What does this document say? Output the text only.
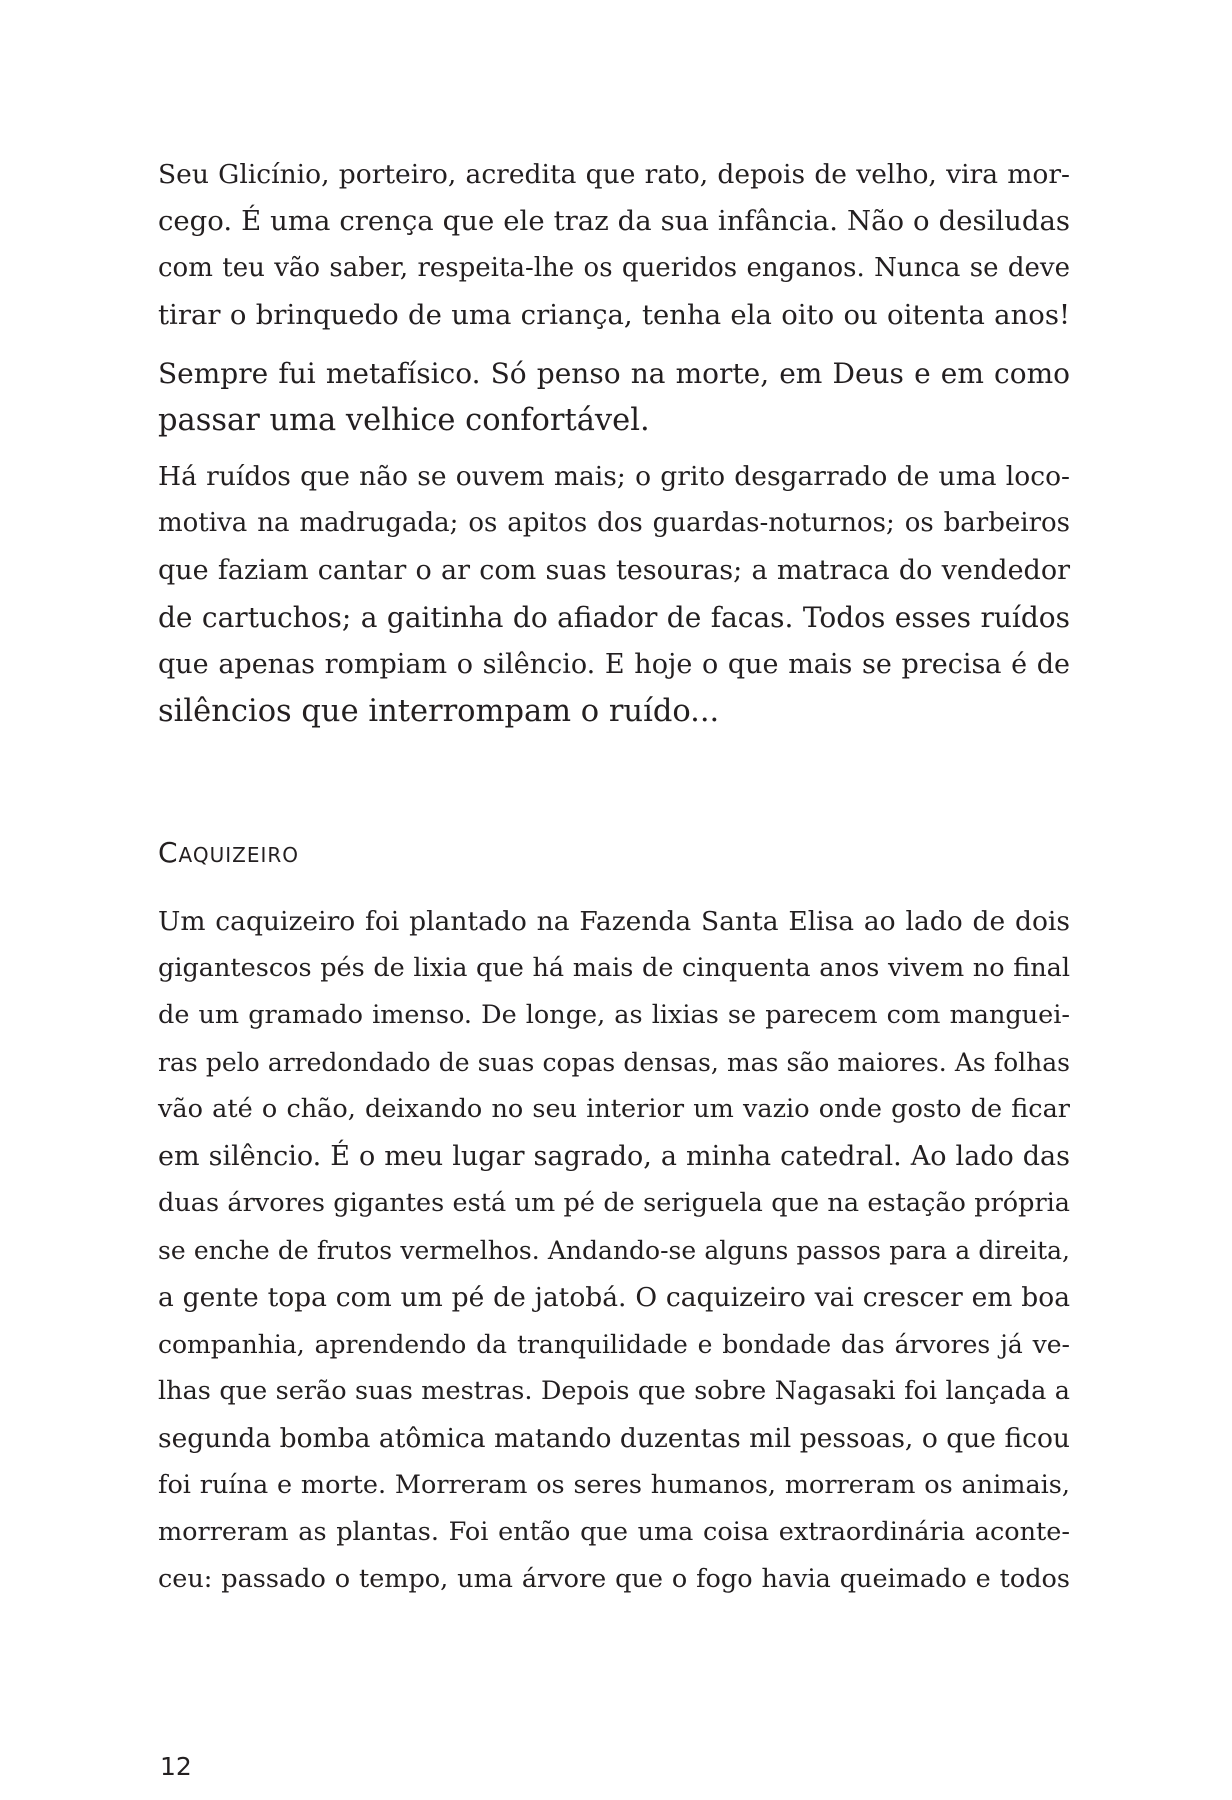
Seu Glicínio, porteiro, acredita que rato, depois de velho, vira mor-
cego. É uma crença que ele traz da sua infância. Não o desiludas
com teu vão saber, respeita-lhe os queridos enganos. Nunca se deve
tirar o brinquedo de uma criança, tenha ela oito ou oitenta anos!
Sempre fui metafísico. Só penso na morte, em Deus e em como
passar uma velhice confortável.
Há ruídos que não se ouvem mais; o grito desgarrado de uma loco-
motiva na madrugada; os apitos dos guardas-noturnos; os barbeiros
que faziam cantar o ar com suas tesouras; a matraca do vendedor
de cartuchos; a gaitinha do afiador de facas. Todos esses ruídos
que apenas rompiam o silêncio. E hoje o que mais se precisa é de
silêncios que interrompam o ruído...
Caquizeiro
Um caquizeiro foi plantado na Fazenda Santa Elisa ao lado de dois
gigantescos pés de lixia que há mais de cinquenta anos vivem no final
de um gramado imenso. De longe, as lixias se parecem com manguei-
ras pelo arredondado de suas copas densas, mas são maiores. As folhas
vão até o chão, deixando no seu interior um vazio onde gosto de ficar
em silêncio. É o meu lugar sagrado, a minha catedral. Ao lado das
duas árvores gigantes está um pé de seriguela que na estação própria
se enche de frutos vermelhos. Andando-se alguns passos para a direita,
a gente topa com um pé de jatobá. O caquizeiro vai crescer em boa
companhia, aprendendo da tranquilidade e bondade das árvores já ve-
lhas que serão suas mestras. Depois que sobre Nagasaki foi lançada a
segunda bomba atômica matando duzentas mil pessoas, o que ficou
foi ruína e morte. Morreram os seres humanos, morreram os animais,
morreram as plantas. Foi então que uma coisa extraordinária aconte-
ceu: passado o tempo, uma árvore que o fogo havia queimado e todos
12
